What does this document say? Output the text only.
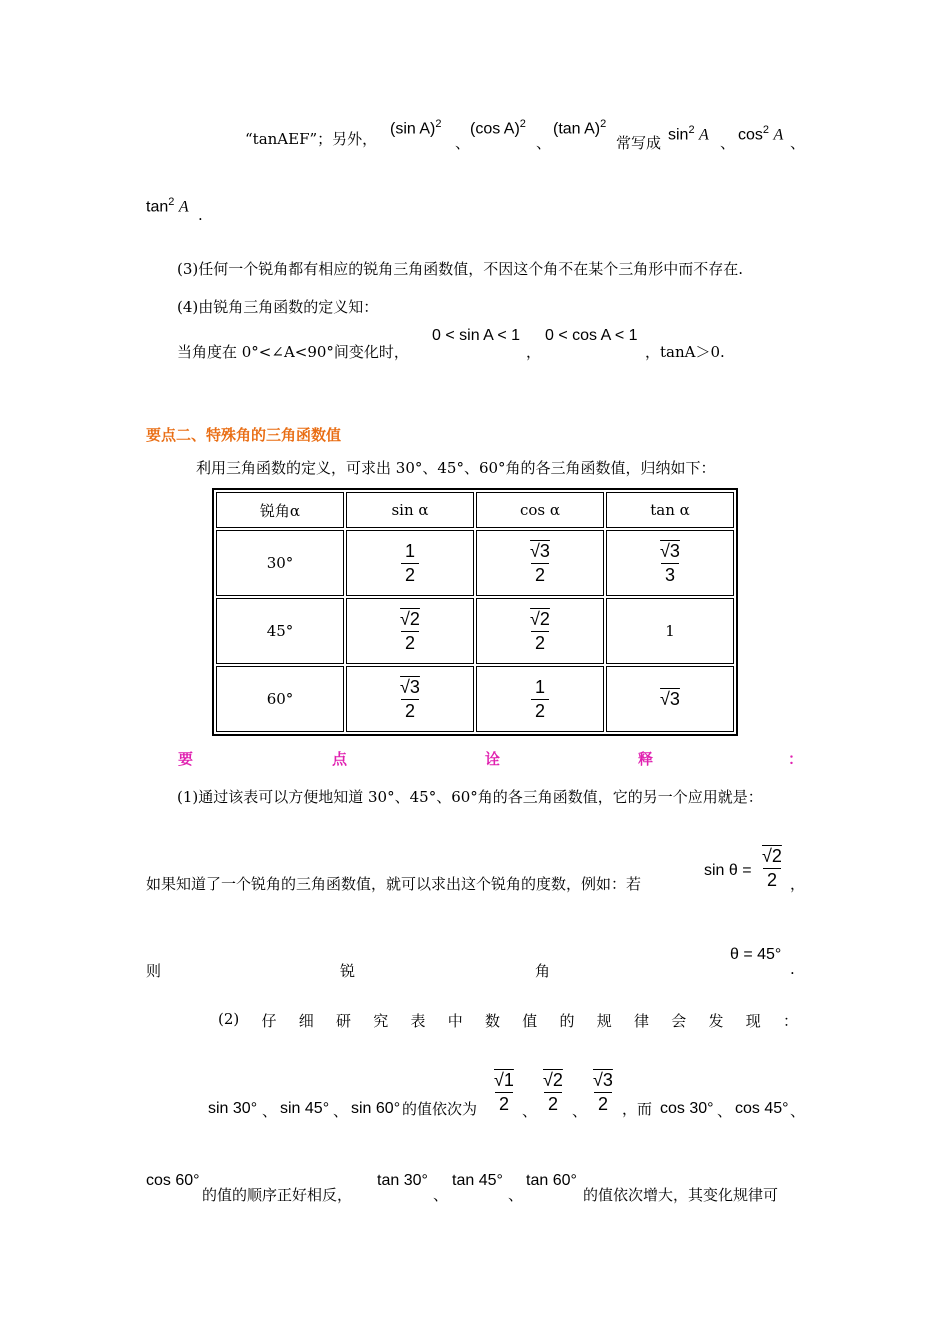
“tanAEF”；另外，
(sin A)$^2$
、
(cos A)$^2$
、
(tan A)$^2$
常写成 $\sin^2 A$ 、 $\cos^2 A$ 、
$\tan^2 A$ .
(3)任何一个锐角都有相应的锐角三角函数值，不因这个角不在某个三角形中而不存在.
(4)由锐角三角函数的定义知：
当角度在 0°<∠A<90°间变化时，
0 < sin A < 1
，
0 < cos A < 1
，tanA＞0.
要点二、特殊角的三角函数值
利用三角函数的定义，可求出 30°、45°、60°角的各三角函数值，归纳如下：
锐角α	sin α	cos α	tan α
30°	$\frac{1}{2}$	$\frac{√3}{2}$	$\frac{√3}{3}$

45°	$\frac{√2}{2}$	$\frac{√2}{2}$	1
60°	$\frac{√3}{2}$	$\frac{1}{2}$	√3
要	点	诠	释	：
(1)通过该表可以方便地知道 30°、45°、60°角的各三角函数值，它的另一个应用就是：
如果知道了一个锐角的三角函数值，就可以求出这个锐角的度数，例如：若
$\sin \theta = \frac{√2}{2}$ ，
则	锐	角
θ = 45°
.
(2) 仔 细 研 究 表 中 数 值 的 规 律 会 发 现 ：
sin 30° 、 sin 45° 、 sin 60° 的值依次为 $\frac{√1}{2}$ 、 $\frac{√2}{2}$ 、 $\frac{√3}{2}$ ，而 cos 30° 、 cos 45° 、
cos 60°
的值的顺序正好相反，
tan 30°
、
tan 45°
、
tan 60°
的值依次增大，其变化规律可
